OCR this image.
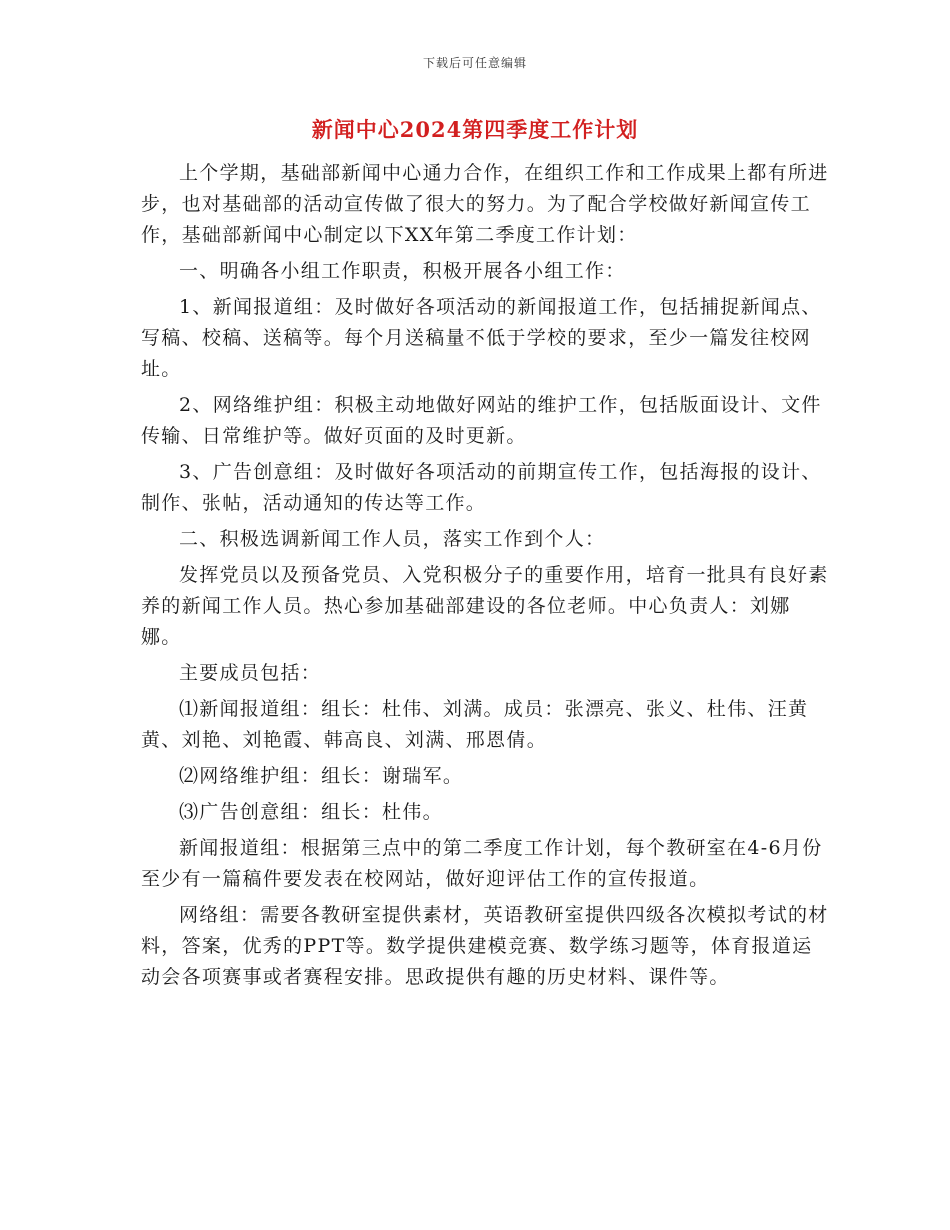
下载后可任意编辑
新闻中心2024第四季度工作计划

上个学期，基础部新闻中心通力合作，在组织工作和工作成果上都有所进步，也对基础部的活动宣传做了很大的努力。为了配合学校做好新闻宣传工作，基础部新闻中心制定以下XX年第二季度工作计划：

一、明确各小组工作职责，积极开展各小组工作：

1、新闻报道组：及时做好各项活动的新闻报道工作，包括捕捉新闻点、写稿、校稿、送稿等。每个月送稿量不低于学校的要求，至少一篇发往校网址。

2、网络维护组：积极主动地做好网站的维护工作，包括版面设计、文件传输、日常维护等。做好页面的及时更新。

3、广告创意组：及时做好各项活动的前期宣传工作，包括海报的设计、制作、张帖，活动通知的传达等工作。

二、积极选调新闻工作人员，落实工作到个人：

发挥党员以及预备党员、入党积极分子的重要作用，培育一批具有良好素养的新闻工作人员。热心参加基础部建设的各位老师。中心负责人：刘娜娜。

主要成员包括：

⑴新闻报道组：组长：杜伟、刘满。成员：张漂亮、张义、杜伟、汪黄黄、刘艳、刘艳霞、韩高良、刘满、邢恩倩。

⑵网络维护组：组长：谢瑞军。

⑶广告创意组：组长：杜伟。

新闻报道组：根据第三点中的第二季度工作计划，每个教研室在4-6月份至少有一篇稿件要发表在校网站，做好迎评估工作的宣传报道。

网络组：需要各教研室提供素材，英语教研室提供四级各次模拟考试的材料，答案，优秀的PPT等。数学提供建模竞赛、数学练习题等，体育报道运动会各项赛事或者赛程安排。思政提供有趣的历史材料、课件等。
